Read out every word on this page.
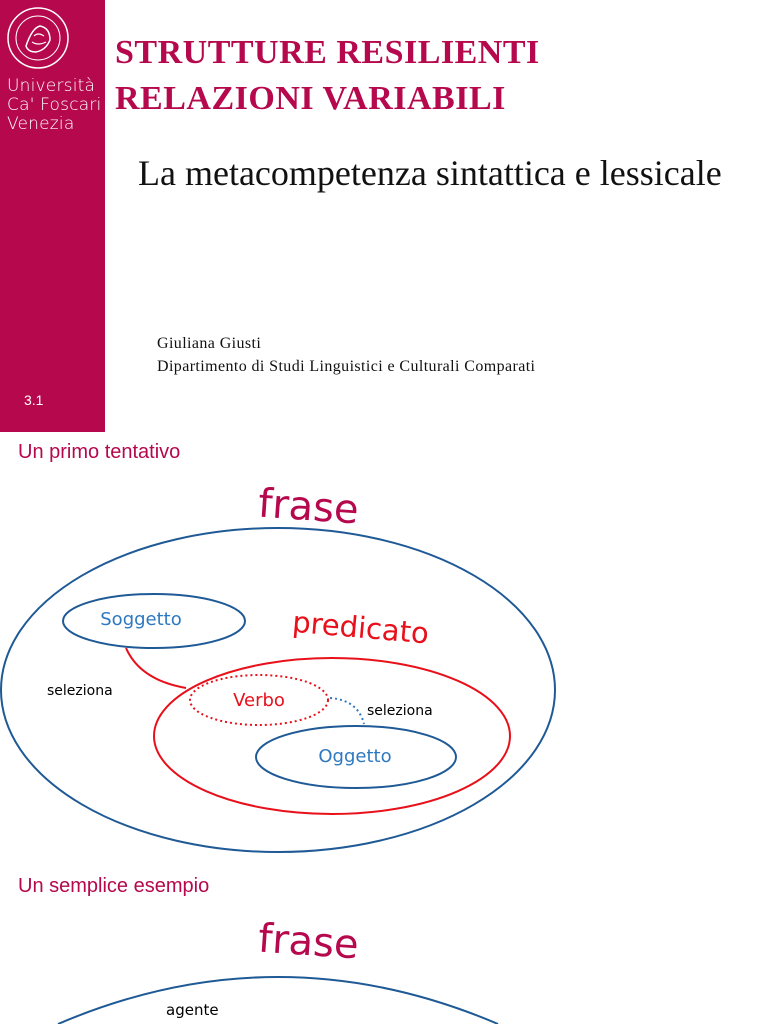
Università
Ca' Foscari
Venezia
3.1
STRUTTURE RESILIENTI
RELAZIONI VARIABILI
La metacompetenza sintattica e lessicale
Giuliana Giusti
Dipartimento di Studi Linguistici e Culturali Comparati
Un primo tentativo
Un semplice esempio
frase
predicato
Soggetto
seleziona	Verbo	seleziona
Oggetto
frase
agente
